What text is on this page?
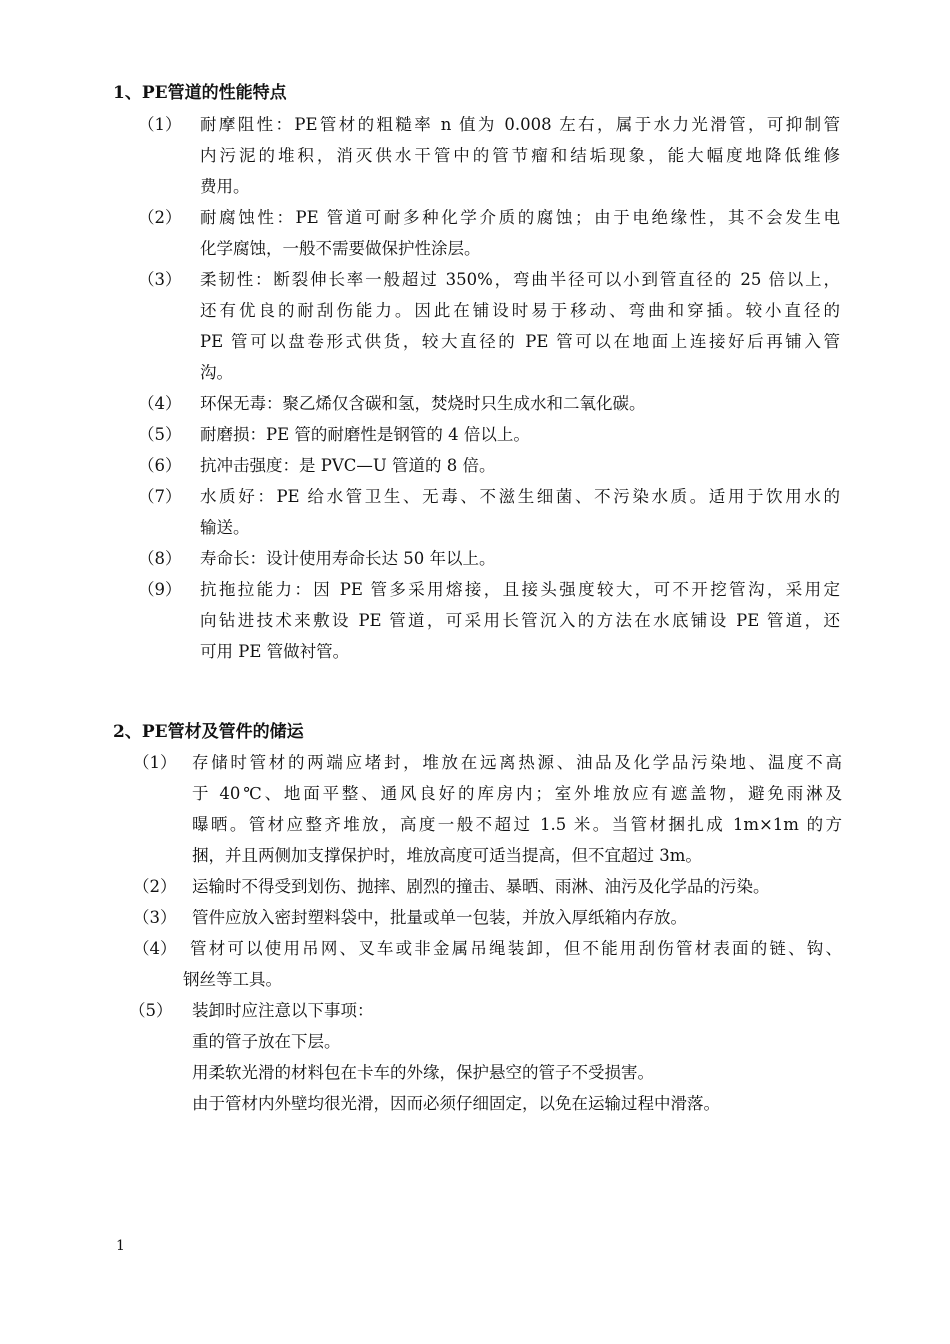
1、PE管道的性能特点
（1） 耐摩阻性：PE管材的粗糙率 n 值为 0.008 左右，属于水力光滑管，可抑制管
内污泥的堆积，消灭供水干管中的管节瘤和结垢现象，能大幅度地降低维修
费用。
（2） 耐腐蚀性：PE 管道可耐多种化学介质的腐蚀；由于电绝缘性，其不会发生电
化学腐蚀，一般不需要做保护性涂层。
（3） 柔韧性：断裂伸长率一般超过 350%，弯曲半径可以小到管直径的 25 倍以上，
还有优良的耐刮伤能力。因此在铺设时易于移动、弯曲和穿插。较小直径的
PE 管可以盘卷形式供货，较大直径的 PE 管可以在地面上连接好后再铺入管
沟。
（4） 环保无毒：聚乙烯仅含碳和氢，焚烧时只生成水和二氧化碳。
（5） 耐磨损：PE 管的耐磨性是钢管的 4 倍以上。
（6） 抗冲击强度：是 PVC—U 管道的 8 倍。
（7） 水质好：PE 给水管卫生、无毒、不滋生细菌、不污染水质。适用于饮用水的
输送。
（8） 寿命长：设计使用寿命长达 50 年以上。
（9） 抗拖拉能力：因 PE 管多采用熔接，且接头强度较大，可不开挖管沟，采用定
向钻进技术来敷设 PE 管道，可采用长管沉入的方法在水底铺设 PE 管道，还
可用 PE 管做衬管。
2、PE管材及管件的储运
（1） 存储时管材的两端应堵封，堆放在远离热源、油品及化学品污染地、温度不高
于 40℃、地面平整、通风良好的库房内；室外堆放应有遮盖物，避免雨淋及
曝晒。管材应整齐堆放，高度一般不超过 1.5 米。当管材捆扎成 1m×1m 的方
捆，并且两侧加支撑保护时，堆放高度可适当提高，但不宜超过 3m。
（2） 运输时不得受到划伤、抛摔、剧烈的撞击、暴晒、雨淋、油污及化学品的污染。
（3） 管件应放入密封塑料袋中，批量或单一包装，并放入厚纸箱内存放。
（4） 管材可以使用吊网、叉车或非金属吊绳装卸，但不能用刮伤管材表面的链、钩、
钢丝等工具。
（5） 装卸时应注意以下事项：
重的管子放在下层。
用柔软光滑的材料包在卡车的外缘，保护悬空的管子不受损害。
由于管材内外壁均很光滑，因而必须仔细固定，以免在运输过程中滑落。
1
